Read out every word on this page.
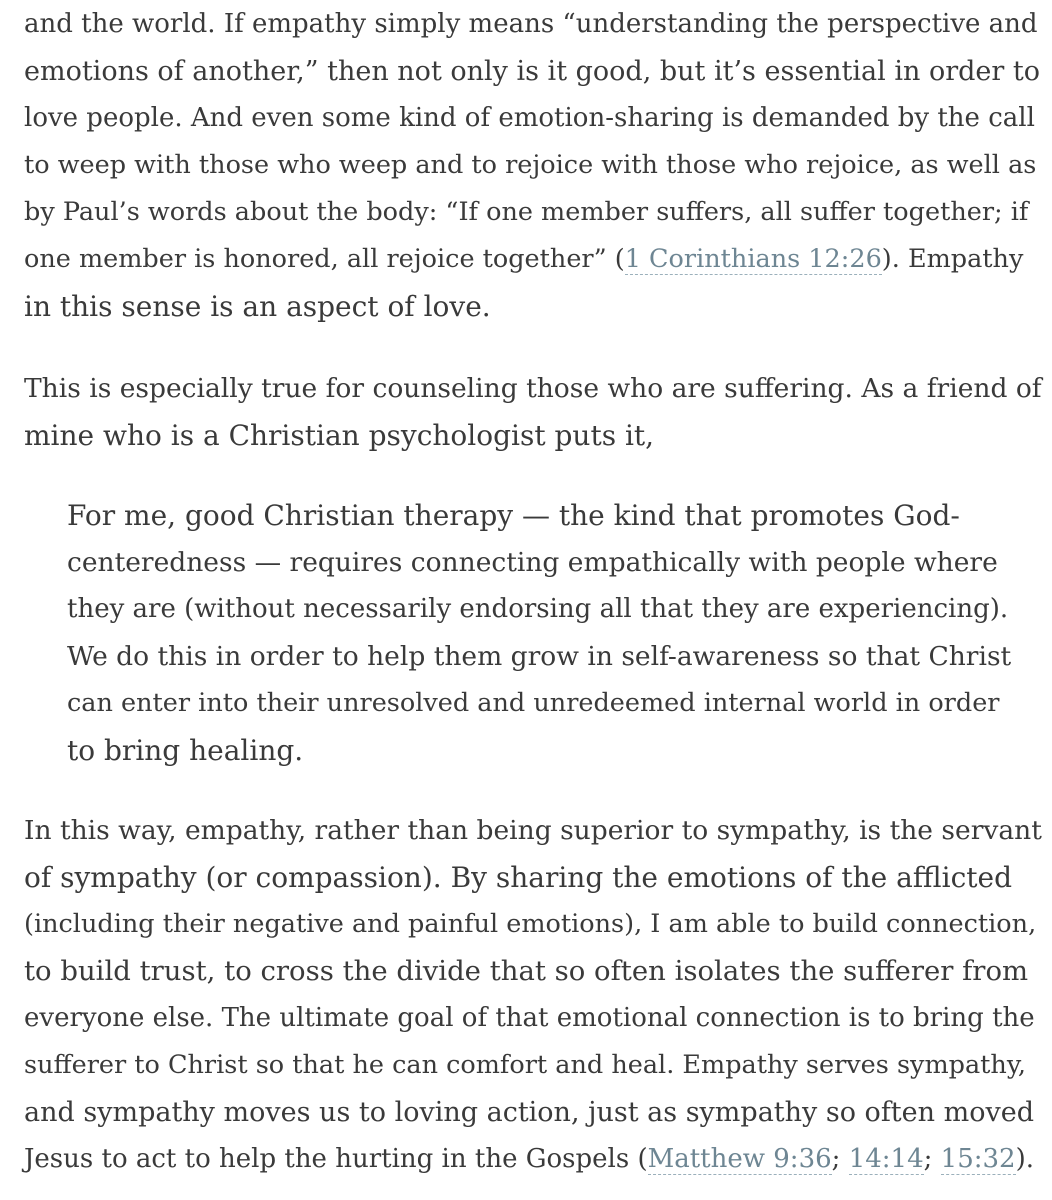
and the world. If empathy simply means “understanding the perspective and
emotions of another,” then not only is it good, but it’s essential in order to
love people. And even some kind of emotion-sharing is demanded by the call
to weep with those who weep and to rejoice with those who rejoice, as well as
by Paul’s words about the body: “If one member suffers, all suffer together; if
one member is honored, all rejoice together” (1 Corinthians 12:26). Empathy
in this sense is an aspect of love.

This is especially true for counseling those who are suffering. As a friend of
mine who is a Christian psychologist puts it,

For me, good Christian therapy — the kind that promotes God-
centeredness — requires connecting empathically with people where
they are (without necessarily endorsing all that they are experiencing).
We do this in order to help them grow in self-awareness so that Christ
can enter into their unresolved and unredeemed internal world in order
to bring healing.

In this way, empathy, rather than being superior to sympathy, is the servant
of sympathy (or compassion). By sharing the emotions of the afflicted
(including their negative and painful emotions), I am able to build connection,
to build trust, to cross the divide that so often isolates the sufferer from
everyone else. The ultimate goal of that emotional connection is to bring the
sufferer to Christ so that he can comfort and heal. Empathy serves sympathy,
and sympathy moves us to loving action, just as sympathy so often moved
Jesus to act to help the hurting in the Gospels (Matthew 9:36; 14:14; 15:32).
